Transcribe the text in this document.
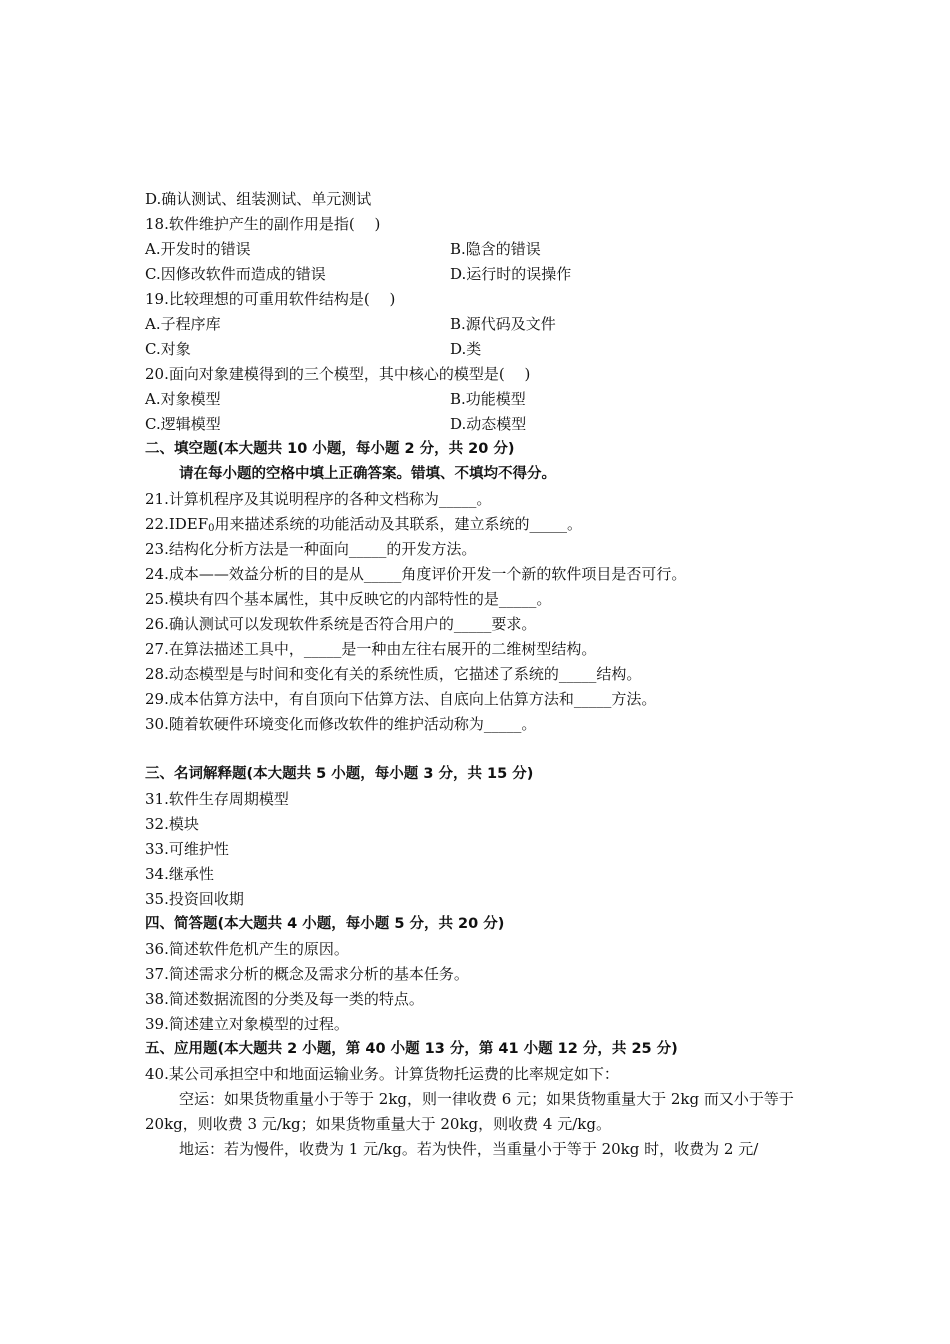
D.确认测试、组装测试、单元测试
18.软件维护产生的副作用是指(　 )
A.开发时的错误	B.隐含的错误
C.因修改软件而造成的错误	D.运行时的误操作
19.比较理想的可重用软件结构是(　 )
A.子程序库	B.源代码及文件
C.对象	D.类
20.面向对象建模得到的三个模型，其中核心的模型是(　 )
A.对象模型	B.功能模型
C.逻辑模型	D.动态模型
二、填空题(本大题共 10 小题，每小题 2 分，共 20 分)
请在每小题的空格中填上正确答案。错填、不填均不得分。
21.计算机程序及其说明程序的各种文档称为_____。
$22.IDEF_0$用来描述系统的功能活动及其联系，建立系统的_____。
23.结构化分析方法是一种面向_____的开发方法。
24.成本——效益分析的目的是从_____角度评价开发一个新的软件项目是否可行。
25.模块有四个基本属性，其中反映它的内部特性的是_____。
26.确认测试可以发现软件系统是否符合用户的_____要求。
27.在算法描述工具中，_____是一种由左往右展开的二维树型结构。
28.动态模型是与时间和变化有关的系统性质，它描述了系统的_____结构。
29.成本估算方法中，有自顶向下估算方法、自底向上估算方法和_____方法。
30.随着软硬件环境变化而修改软件的维护活动称为_____。
三、名词解释题(本大题共 5 小题，每小题 3 分，共 15 分)
31.软件生存周期模型
32.模块
33.可维护性
34.继承性
35.投资回收期
四、简答题(本大题共 4 小题，每小题 5 分，共 20 分)
36.简述软件危机产生的原因。
37.简述需求分析的概念及需求分析的基本任务。
38.简述数据流图的分类及每一类的特点。
39.简述建立对象模型的过程。
五、应用题(本大题共 2 小题，第 40 小题 13 分，第 41 小题 12 分，共 25 分)
40.某公司承担空中和地面运输业务。计算货物托运费的比率规定如下：
空运：如果货物重量小于等于 2kg，则一律收费 6 元；如果货物重量大于 2kg 而又小于等于 20kg，则收费 3 元/kg；如果货物重量大于 20kg，则收费 4 元/kg。
地运：若为慢件，收费为 1 元/kg。若为快件，当重量小于等于 20kg 时，收费为 2 元/
